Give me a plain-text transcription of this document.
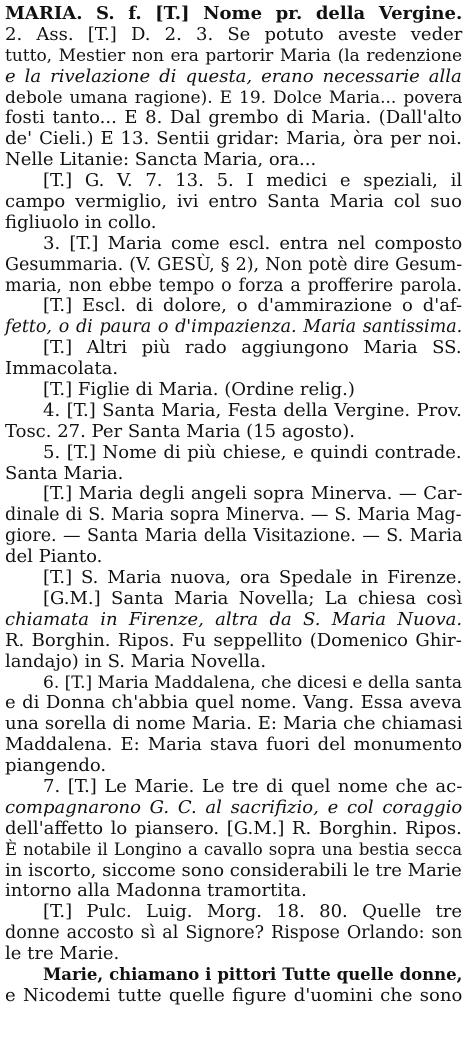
MARIA. S. f. [T.] Nome pr. della Vergine.
2. Ass. [T.] D. 2. 3. Se potuto aveste veder
tutto, Mestier non era partorir Maria (la redenzione
e la rivelazione di questa, erano necessarie alla
debole umana ragione). E 19. Dolce Maria... povera
fosti tanto... E 8. Dal grembo di Maria. (Dall'alto
de' Cieli.) E 13. Sentii gridar: Maria, òra per noi.
Nelle Litanie: Sancta Maria, ora...
[T.] G. V. 7. 13. 5. I medici e speziali, il
campo vermiglio, ivi entro Santa Maria col suo
figliuolo in collo.
3. [T.] Maria come escl. entra nel composto
Gesummaria. (V. GESÙ, § 2), Non potè dire Gesum-
maria, non ebbe tempo o forza a profferire parola.
[T.] Escl. di dolore, o d'ammirazione o d'af-
fetto, o di paura o d'impazienza. Maria santissima.
[T.] Altri più rado aggiungono Maria SS.
Immacolata.
[T.] Figlie di Maria. (Ordine relig.)
4. [T.] Santa Maria, Festa della Vergine. Prov.
Tosc. 27. Per Santa Maria (15 agosto).
5. [T.] Nome di più chiese, e quindi contrade.
Santa Maria.
[T.] Maria degli angeli sopra Minerva. — Car-
dinale di S. Maria sopra Minerva. — S. Maria Mag-
giore. — Santa Maria della Visitazione. — S. Maria
del Pianto.
[T.] S. Maria nuova, ora Spedale in Firenze.
[G.M.] Santa Maria Novella; La chiesa così
chiamata in Firenze, altra da S. Maria Nuova.
R. Borghin. Ripos. Fu seppellito (Domenico Ghir-
landajo) in S. Maria Novella.
6. [T.] Maria Maddalena, che dicesi e della santa
e di Donna ch'abbia quel nome. Vang. Essa aveva
una sorella di nome Maria. E: Maria che chiamasi
Maddalena. E: Maria stava fuori del monumento
piangendo.
7. [T.] Le Marie. Le tre di quel nome che ac-
compagnarono G. C. al sacrifizio, e col coraggio
dell'affetto lo piansero. [G.M.] R. Borghin. Ripos.
È notabile il Longino a cavallo sopra una bestia secca
in iscorto, siccome sono considerabili le tre Marie
intorno alla Madonna tramortita.
[T.] Pulc. Luig. Morg. 18. 80. Quelle tre
donne accosto sì al Signore? Rispose Orlando: son
le tre Marie.
Marie, chiamano i pittori Tutte quelle donne,
e Nicodemi tutte quelle figure d'uomini che sono
